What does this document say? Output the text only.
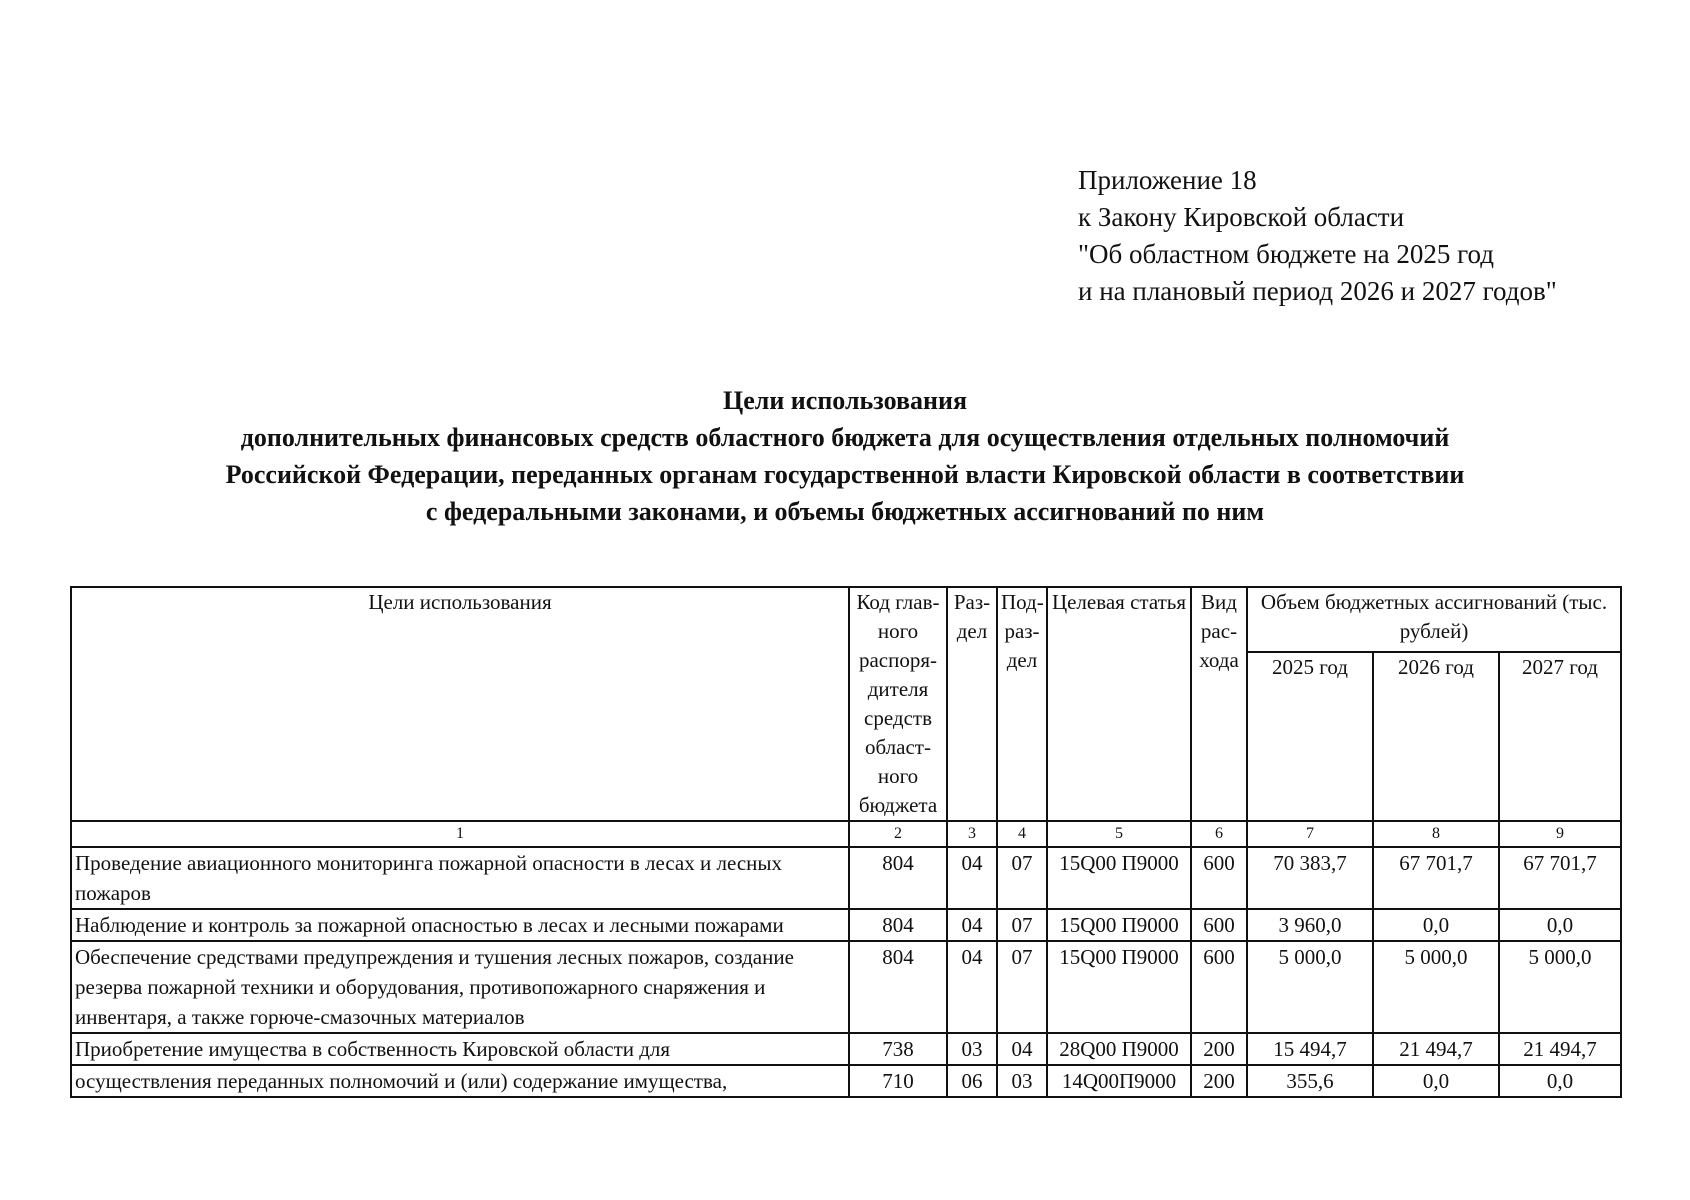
Приложение 18
к Закону Кировской области
"Об областном бюджете на 2025 год
и на плановый период 2026 и 2027 годов"
Цели использования
дополнительных финансовых средств областного бюджета для осуществления отдельных полномочий
Российской Федерации, переданных органам государственной власти Кировской области в соответствии
с федеральными законами, и объемы бюджетных ассигнований по ним
Цели использования	Код глав-ного распоря-дителя средств област-ного бюджета	Раз-дел	Под-раз-дел	Целевая статья	Вид рас-хода	Объем бюджетных ассигнований (тыс. рублей)		
						2025 год	2026 год	2027 год
1	2	3	4	5	6	7	8	9
Проведение авиационного мониторинга пожарной опасности в лесах и лесных пожаров	804	04	07	15Q00 П9000	600	70 383,7	67 701,7	67 701,7
Наблюдение и контроль за пожарной опасностью в лесах и лесными пожарами	804	04	07	15Q00 П9000	600	3 960,0	0,0	0,0
Обеспечение средствами предупреждения и тушения лесных пожаров, создание резерва пожарной техники и оборудования, противопожарного снаряжения и инвентаря, а также горюче-смазочных материалов	804	04	07	15Q00 П9000	600	5 000,0	5 000,0	5 000,0
Приобретение имущества в собственность Кировской области для	738	03	04	28Q00 П9000	200	15 494,7	21 494,7	21 494,7
осуществления переданных полномочий и (или) содержание имущества,	710	06	03	14Q00П9000	200	355,6	0,0	0,0
